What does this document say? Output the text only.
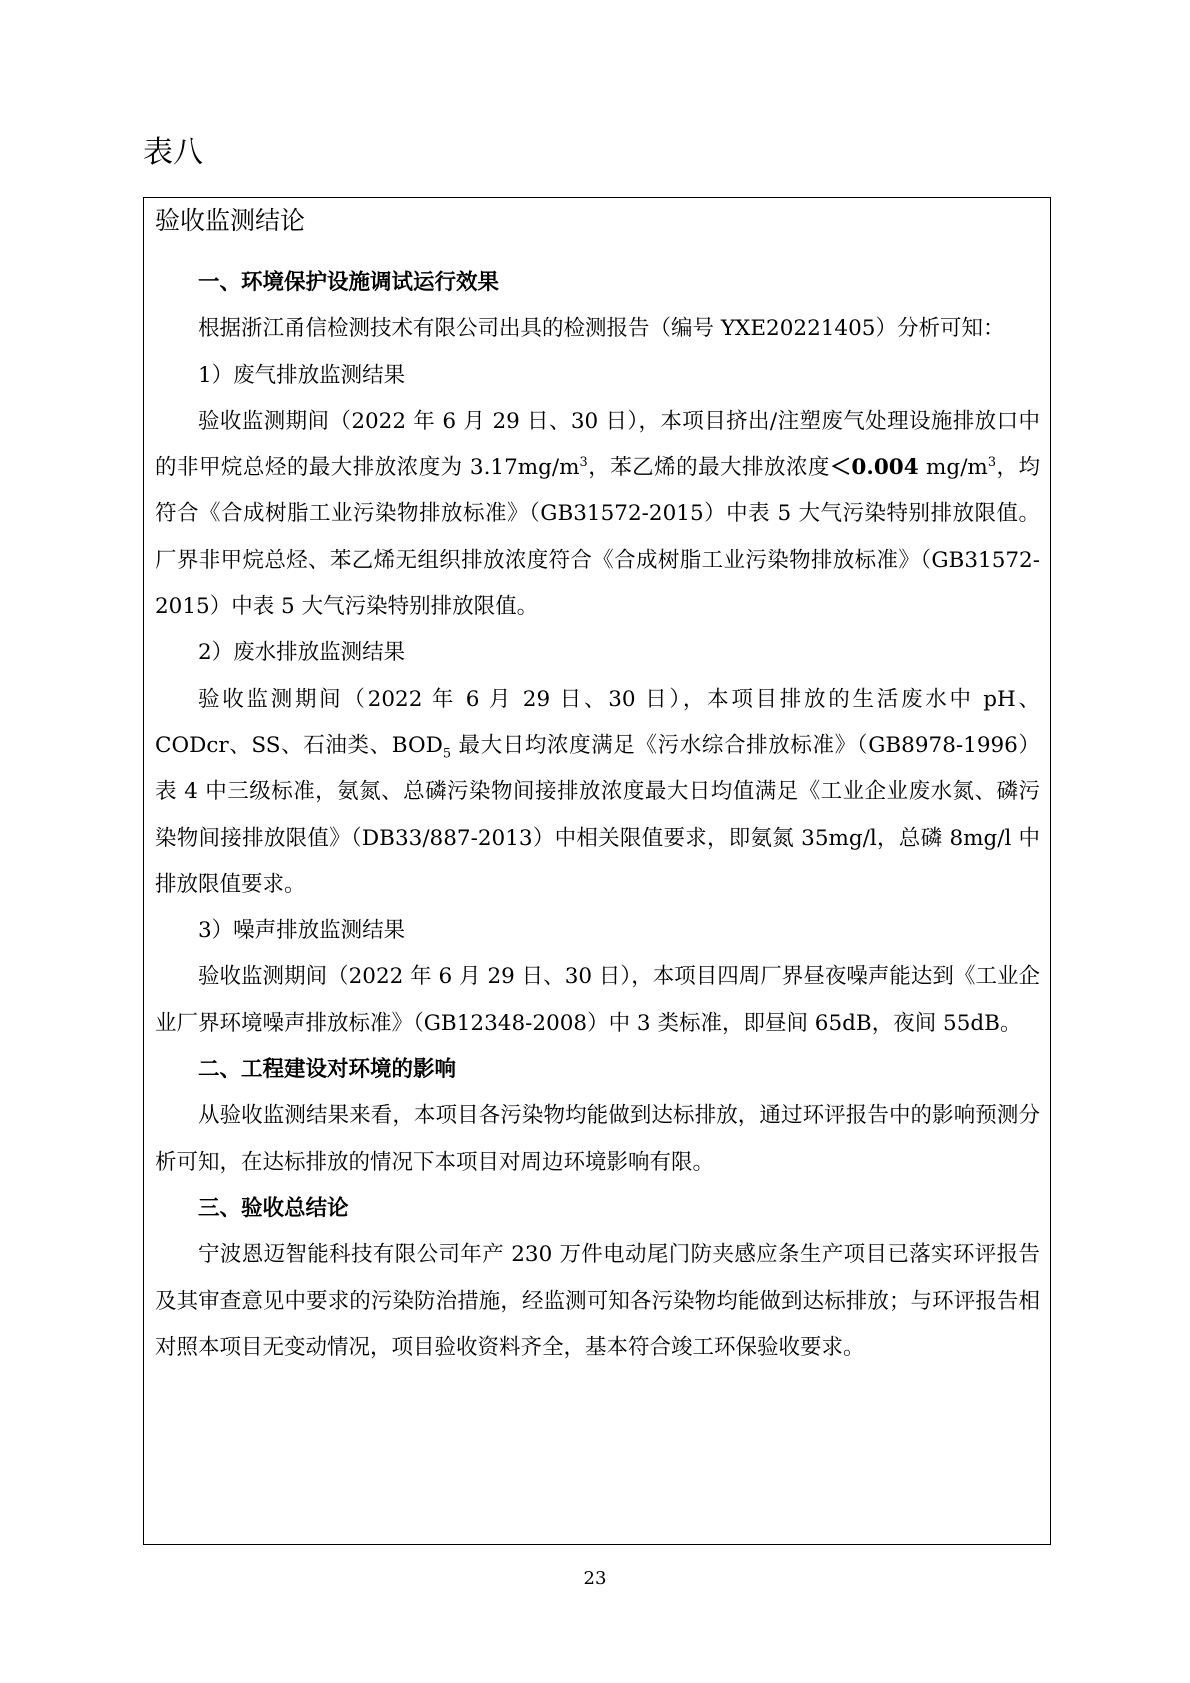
表八
验收监测结论

一、环境保护设施调试运行效果

根据浙江甬信检测技术有限公司出具的检测报告（编号 YXE20221405）分析可知：

1）废气排放监测结果

验收监测期间（2022 年 6 月 29 日、30 日），本项目挤出/注塑废气处理设施排放口中的非甲烷总烃的最大排放浓度为 $3.17mg/m^3$，苯乙烯的最大排放浓度＜0.004 $mg/m^3$，均符合《合成树脂工业污染物排放标准》（GB31572-2015）中表 5 大气污染特别排放限值。厂界非甲烷总烃、苯乙烯无组织排放浓度符合《合成树脂工业污染物排放标准》（GB31572-2015）中表 5 大气污染特别排放限值。

2）废水排放监测结果

验收监测期间（2022 年 6 月 29 日、30 日），本项目排放的生活废水中 pH、CODcr、SS、石油类、$BOD_5$ 最大日均浓度满足《污水综合排放标准》（GB8978-1996）表 4 中三级标准，氨氮、总磷污染物间接排放浓度最大日均值满足《工业企业废水氮、磷污染物间接排放限值》（DB33/887-2013）中相关限值要求，即氨氮 35mg/l，总磷 8mg/l 中排放限值要求。

3）噪声排放监测结果

验收监测期间（2022 年 6 月 29 日、30 日），本项目四周厂界昼夜噪声能达到《工业企业厂界环境噪声排放标准》（GB12348-2008）中 3 类标准，即昼间 65dB，夜间 55dB。

二、工程建设对环境的影响

从验收监测结果来看，本项目各污染物均能做到达标排放，通过环评报告中的影响预测分析可知，在达标排放的情况下本项目对周边环境影响有限。

三、验收总结论

宁波恩迈智能科技有限公司年产 230 万件电动尾门防夹感应条生产项目已落实环评报告及其审查意见中要求的污染防治措施，经监测可知各污染物均能做到达标排放；与环评报告相对照本项目无变动情况，项目验收资料齐全，基本符合竣工环保验收要求。

23
